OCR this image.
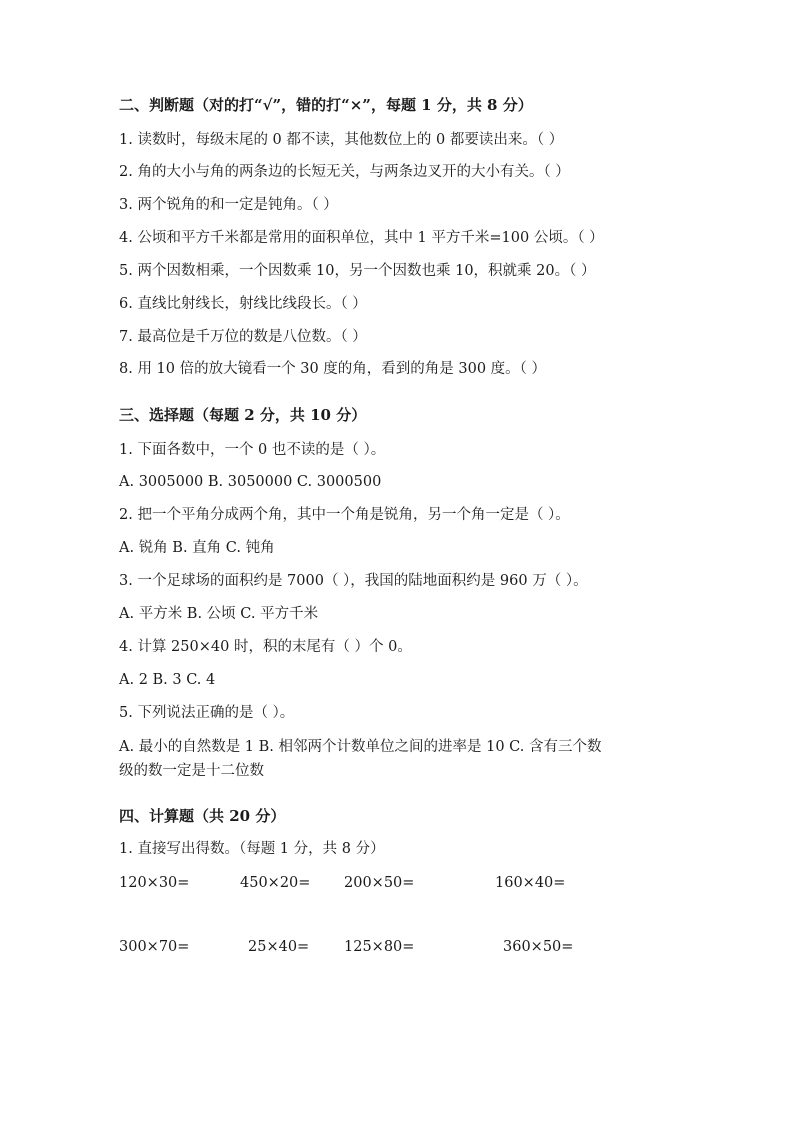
二、判断题（对的打“√”，错的打“×”，每题 1 分，共 8 分）
1. 读数时，每级末尾的 0 都不读，其他数位上的 0 都要读出来。（ ）
2. 角的大小与角的两条边的长短无关，与两条边叉开的大小有关。（ ）
3. 两个锐角的和一定是钝角。（ ）
4. 公顷和平方千米都是常用的面积单位，其中 1 平方千米=100 公顷。（ ）
5. 两个因数相乘，一个因数乘 10，另一个因数也乘 10，积就乘 20。（ ）
6. 直线比射线长，射线比线段长。（ ）
7. 最高位是千万位的数是八位数。（ ）
8. 用 10 倍的放大镜看一个 30 度的角，看到的角是 300 度。（ ）
三、选择题（每题 2 分，共 10 分）
1. 下面各数中，一个 0 也不读的是（ ）。
A. 3005000 B. 3050000 C. 3000500
2. 把一个平角分成两个角，其中一个角是锐角，另一个角一定是（ ）。
A. 锐角 B. 直角 C. 钝角
3. 一个足球场的面积约是 7000（ ），我国的陆地面积约是 960 万（ ）。
A. 平方米 B. 公顷 C. 平方千米
4. 计算 250×40 时，积的末尾有（ ）个 0。
A. 2 B. 3 C. 4
5. 下列说法正确的是（ ）。
A. 最小的自然数是 1 B. 相邻两个计数单位之间的进率是 10 C. 含有三个数
级的数一定是十二位数
四、计算题（共 20 分）
1. 直接写出得数。（每题 1 分，共 8 分）
120×30=	450×20= 200×50=	160×40=
300×70=	25×40= 125×80=	360×50=
